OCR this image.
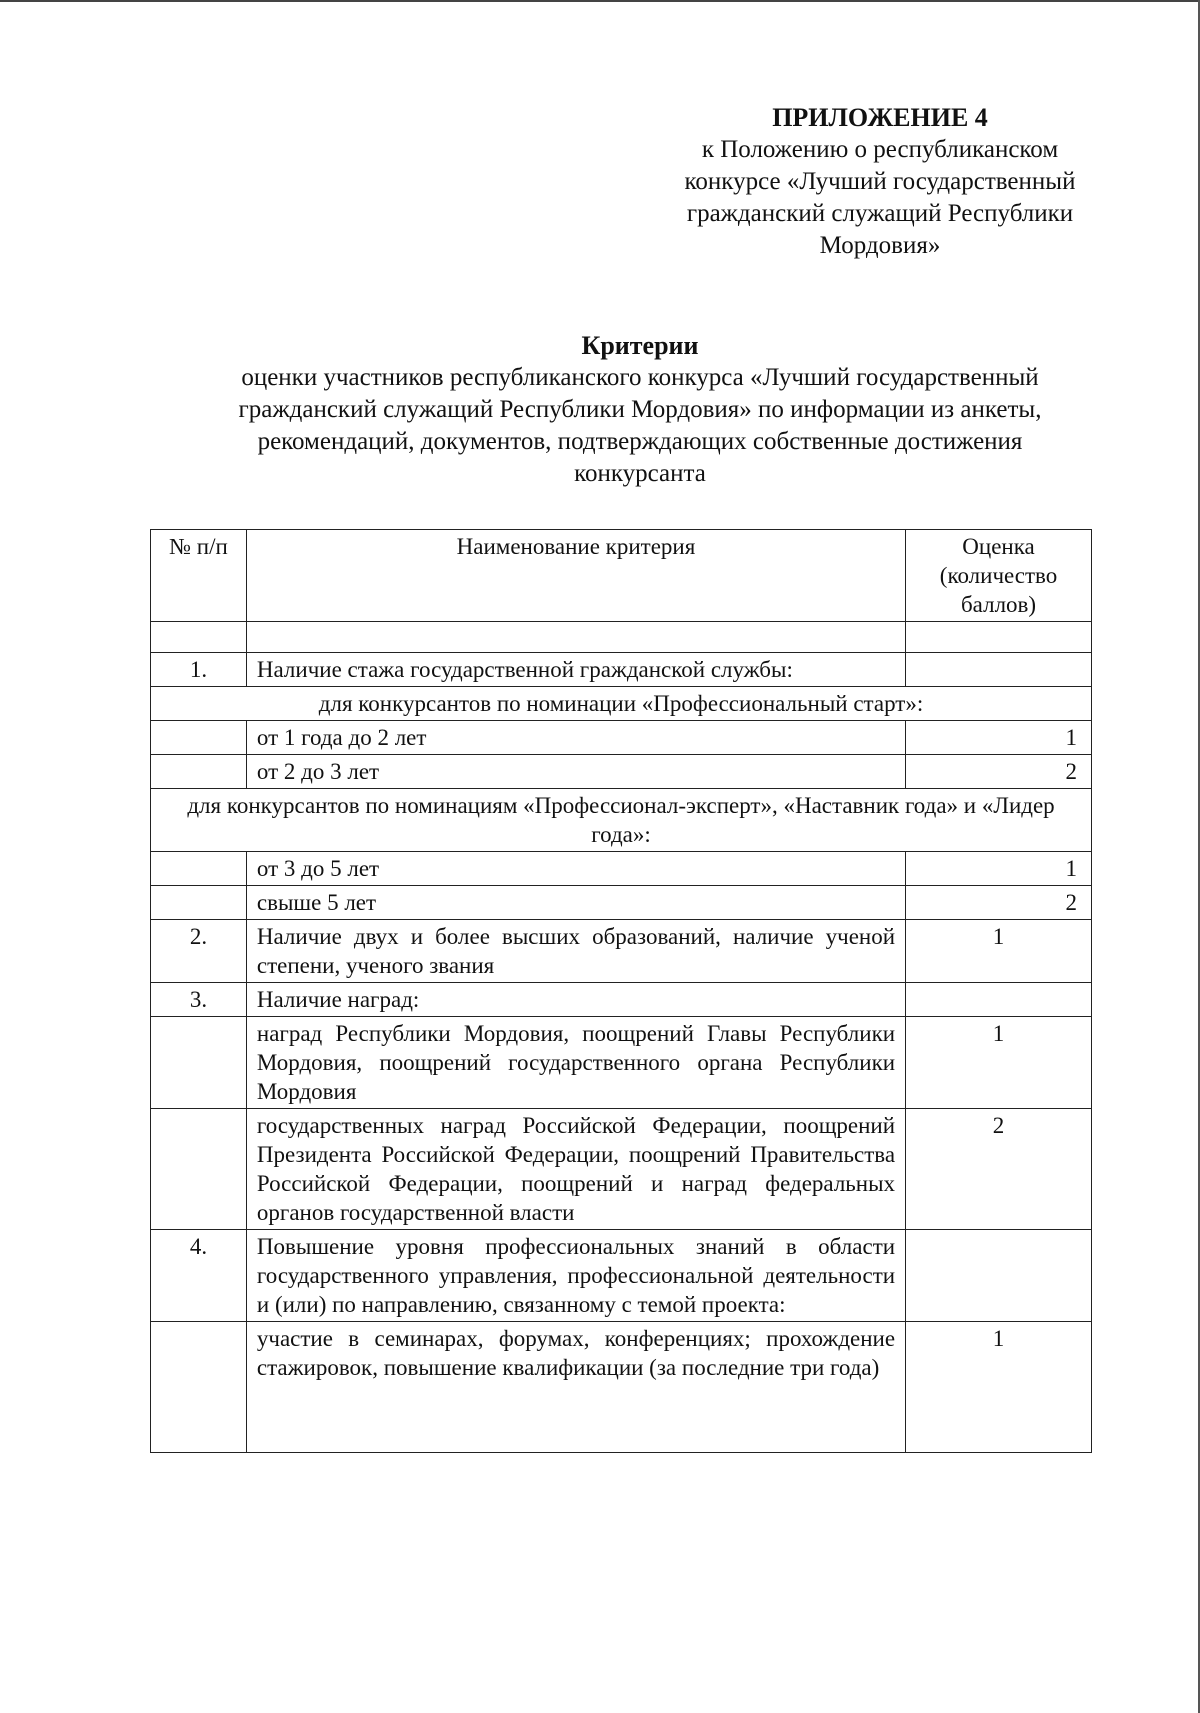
ПРИЛОЖЕНИЕ 4
к Положению о республиканском
конкурсе «Лучший государственный
гражданский служащий Республики
Мордовия»
Критерии
оценки участников республиканского конкурса «Лучший государственный
гражданский служащий Республики Мордовия» по информации из анкеты,
рекомендаций, документов, подтверждающих собственные достижения
конкурсанта
№ п/п	Наименование критерия	Оценка (количество баллов)

1.	Наличие стажа государственной гражданской службы:	
для конкурсантов по номинации «Профессиональный старт»:		
	от 1 года до 2 лет	1
	от 2 до 3 лет	2
для конкурсантов по номинациям «Профессионал-эксперт», «Наставник года» и «Лидер года»:		
	от 3 до 5 лет	1
	свыше 5 лет	2
2.	Наличие двух и более высших образований, наличие ученой степени, ученого звания	1
3.	Наличие наград:	
	наград Республики Мордовия, поощрений Главы Республики Мордовия, поощрений государственного органа Республики Мордовия	1
	государственных наград Российской Федерации, поощрений Президента Российской Федерации, поощрений Правительства Российской Федерации, поощрений и наград федеральных органов государственной власти	2
4.	Повышение уровня профессиональных знаний в области государственного управления, профессиональной деятельности и (или) по направлению, связанному с темой проекта:	
	участие в семинарах, форумах, конференциях; прохождение стажировок, повышение квалификации (за последние три года)	1
